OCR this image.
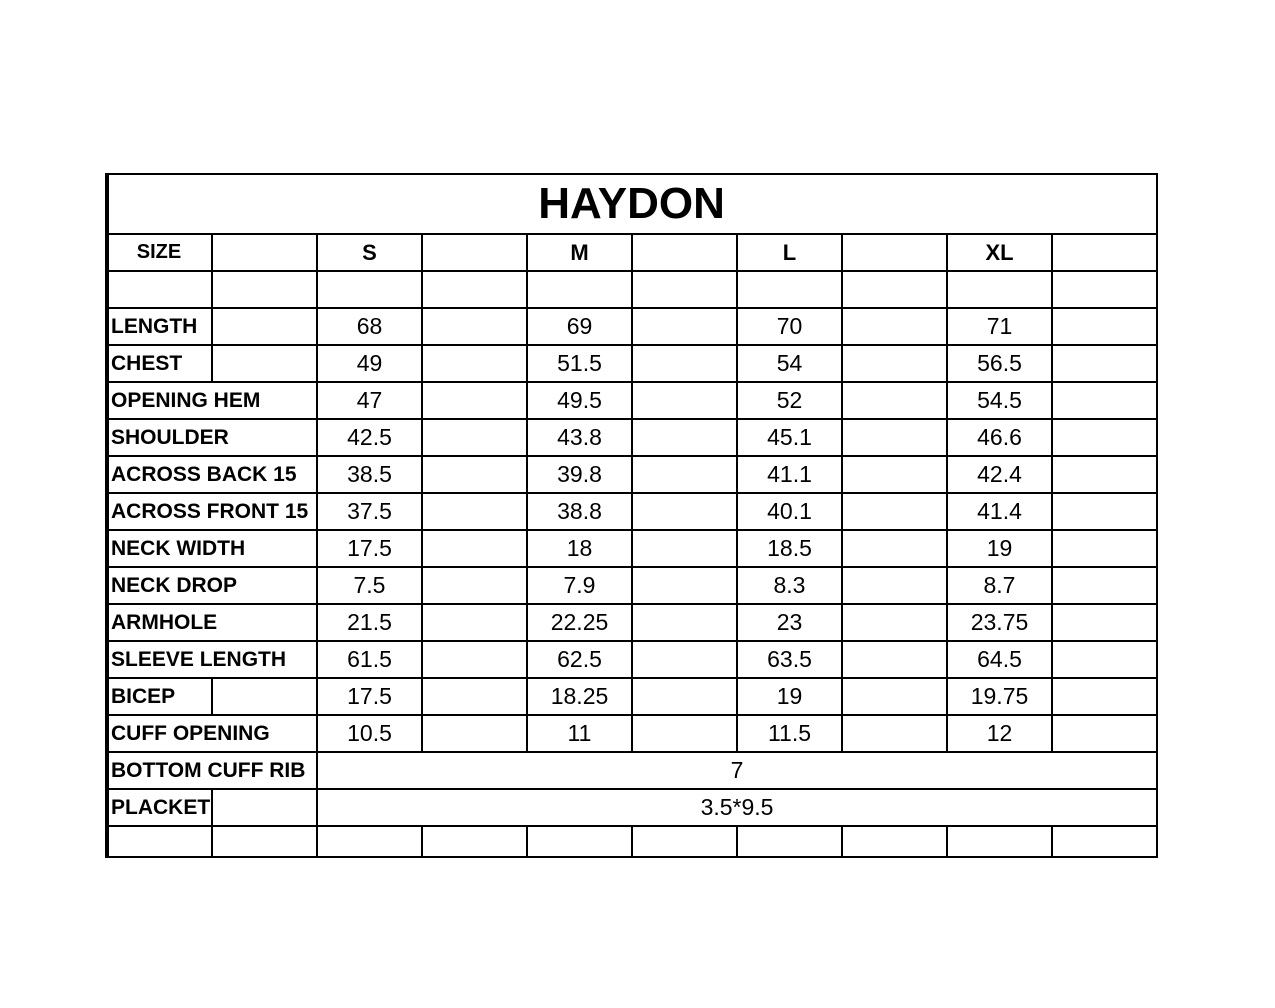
HAYDON									
SIZE		S		M		L		XL	

LENGTH		68		69		70		71	
CHEST		49		51.5		54		56.5	
OPENING HEM		47		49.5		52		54.5	
SHOULDER		42.5		43.8		45.1		46.6	
ACROSS BACK 15		38.5		39.8		41.1		42.4	
ACROSS FRONT 15		37.5		38.8		40.1		41.4	
NECK WIDTH		17.5		18		18.5		19	
NECK DROP		7.5		7.9		8.3		8.7	
ARMHOLE		21.5		22.25		23		23.75	
SLEEVE LENGTH		61.5		62.5		63.5		64.5	
BICEP		17.5		18.25		19		19.75	
CUFF OPENING		10.5		11		11.5		12	
BOTTOM CUFF RIB		7							
PLACKET		3.5*9.5							
